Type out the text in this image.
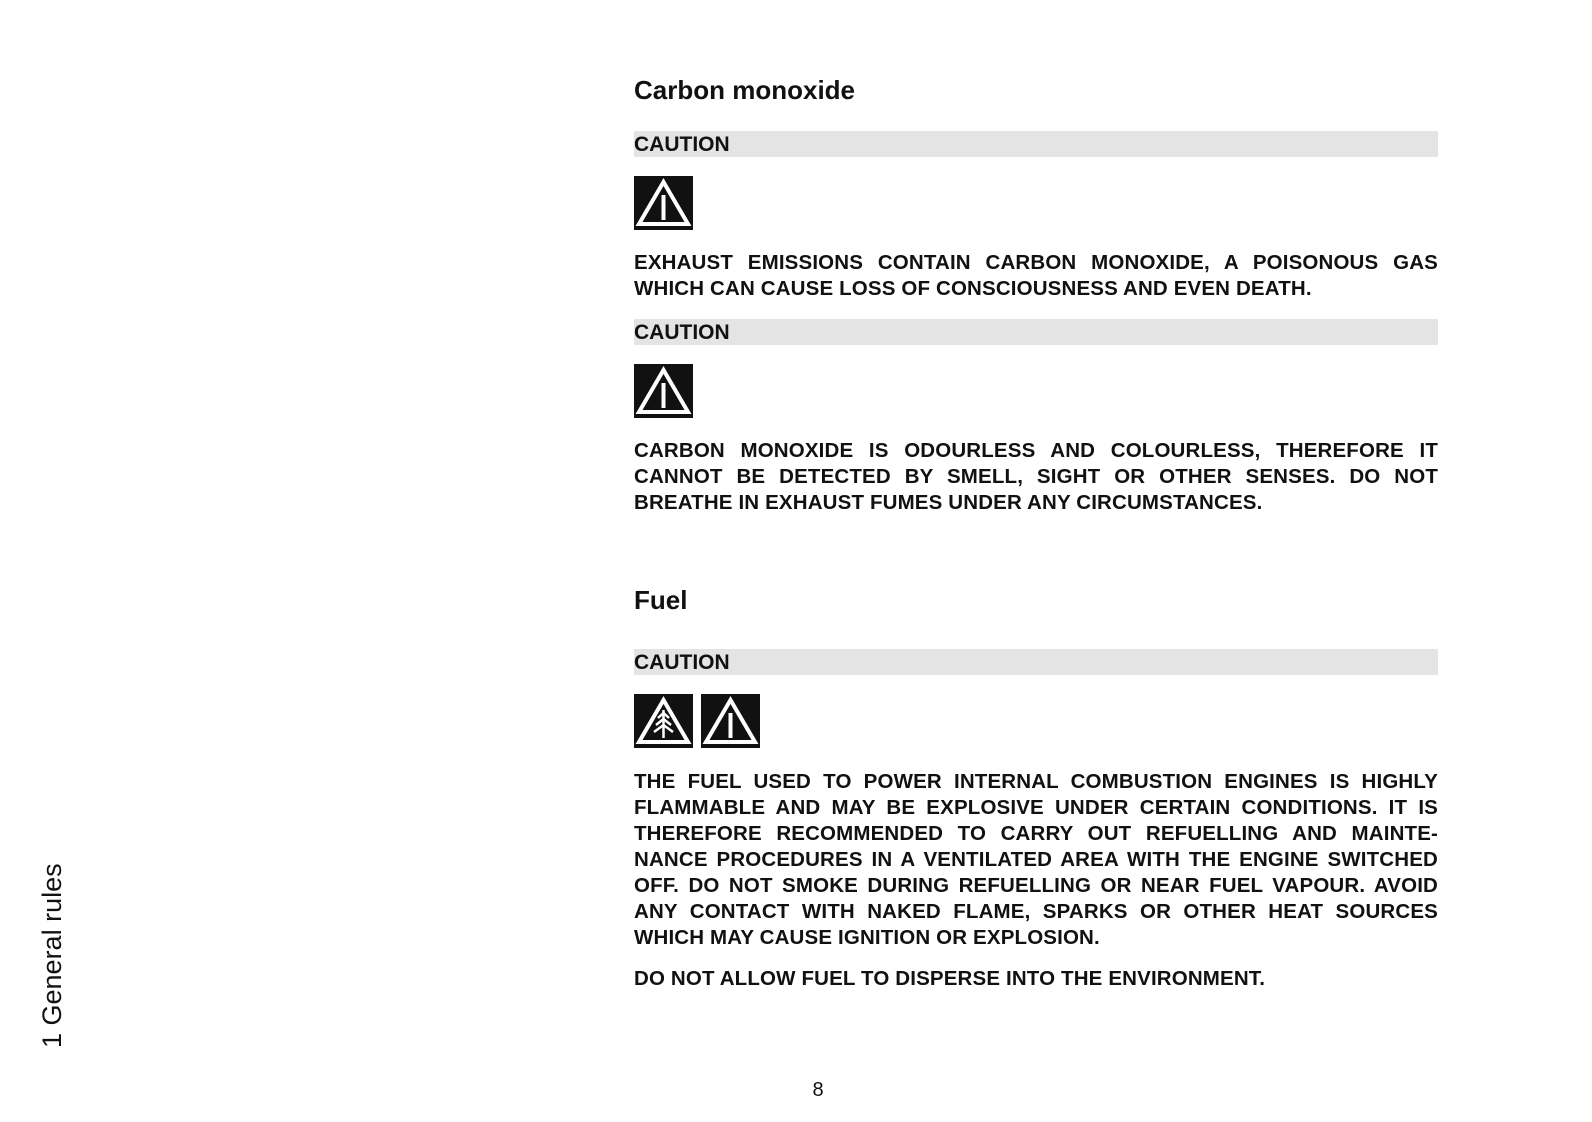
1 General rules
Carbon monoxide
CAUTION

EXHAUST EMISSIONS CONTAIN CARBON MONOXIDE, A POISONOUS GAS WHICH CAN CAUSE LOSS OF CONSCIOUSNESS AND EVEN DEATH.

CAUTION

CARBON MONOXIDE IS ODOURLESS AND COLOURLESS, THEREFORE IT CANNOT BE DETECTED BY SMELL, SIGHT OR OTHER SENSES. DO NOT BREATHE IN EXHAUST FUMES UNDER ANY CIRCUMSTANCES.

Fuel
CAUTION

THE FUEL USED TO POWER INTERNAL COMBUSTION ENGINES IS HIGHLY FLAMMABLE AND MAY BE EXPLOSIVE UNDER CERTAIN CONDITIONS. IT IS THEREFORE RECOMMENDED TO CARRY OUT REFUELLING AND MAINTE-NANCE PROCEDURES IN A VENTILATED AREA WITH THE ENGINE SWITCHED OFF. DO NOT SMOKE DURING REFUELLING OR NEAR FUEL VAPOUR. AVOID ANY CONTACT WITH NAKED FLAME, SPARKS OR OTHER HEAT SOURCES WHICH MAY CAUSE IGNITION OR EXPLOSION.

DO NOT ALLOW FUEL TO DISPERSE INTO THE ENVIRONMENT.

8
